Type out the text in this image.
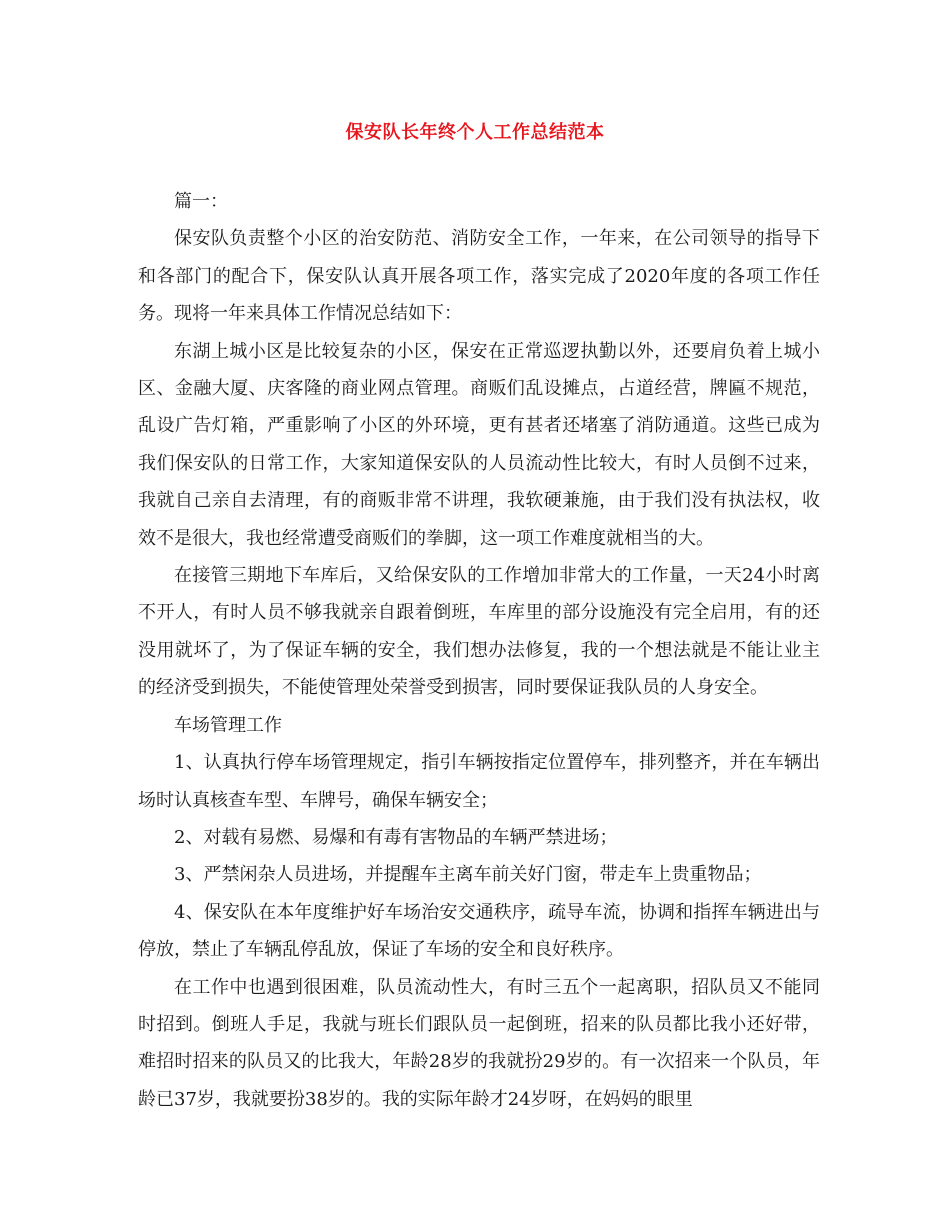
保安队长年终个人工作总结范本

篇一：

保安队负责整个小区的治安防范、消防安全工作，一年来，在公司领导的指导下和各部门的配合下，保安队认真开展各项工作，落实完成了2020年度的各项工作任务。现将一年来具体工作情况总结如下：

东湖上城小区是比较复杂的小区，保安在正常巡逻执勤以外，还要肩负着上城小区、金融大厦、庆客隆的商业网点管理。商贩们乱设摊点，占道经营，牌匾不规范，乱设广告灯箱，严重影响了小区的外环境，更有甚者还堵塞了消防通道。这些已成为我们保安队的日常工作，大家知道保安队的人员流动性比较大，有时人员倒不过来，我就自己亲自去清理，有的商贩非常不讲理，我软硬兼施，由于我们没有执法权，收效不是很大，我也经常遭受商贩们的拳脚，这一项工作难度就相当的大。

在接管三期地下车库后，又给保安队的工作增加非常大的工作量，一天24小时离不开人，有时人员不够我就亲自跟着倒班，车库里的部分设施没有完全启用，有的还没用就坏了，为了保证车辆的安全，我们想办法修复，我的一个想法就是不能让业主的经济受到损失，不能使管理处荣誉受到损害，同时要保证我队员的人身安全。

车场管理工作

1、认真执行停车场管理规定，指引车辆按指定位置停车，排列整齐，并在车辆出场时认真核查车型、车牌号，确保车辆安全；

2、对载有易燃、易爆和有毒有害物品的车辆严禁进场；

3、严禁闲杂人员进场，并提醒车主离车前关好门窗，带走车上贵重物品；

4、保安队在本年度维护好车场治安交通秩序，疏导车流，协调和指挥车辆进出与停放，禁止了车辆乱停乱放，保证了车场的安全和良好秩序。

在工作中也遇到很困难，队员流动性大，有时三五个一起离职，招队员又不能同时招到。倒班人手足，我就与班长们跟队员一起倒班，招来的队员都比我小还好带，难招时招来的队员又的比我大，年龄28岁的我就扮29岁的。有一次招来一个队员，年龄已37岁，我就要扮38岁的。我的实际年龄才24岁呀，在妈妈的眼里
